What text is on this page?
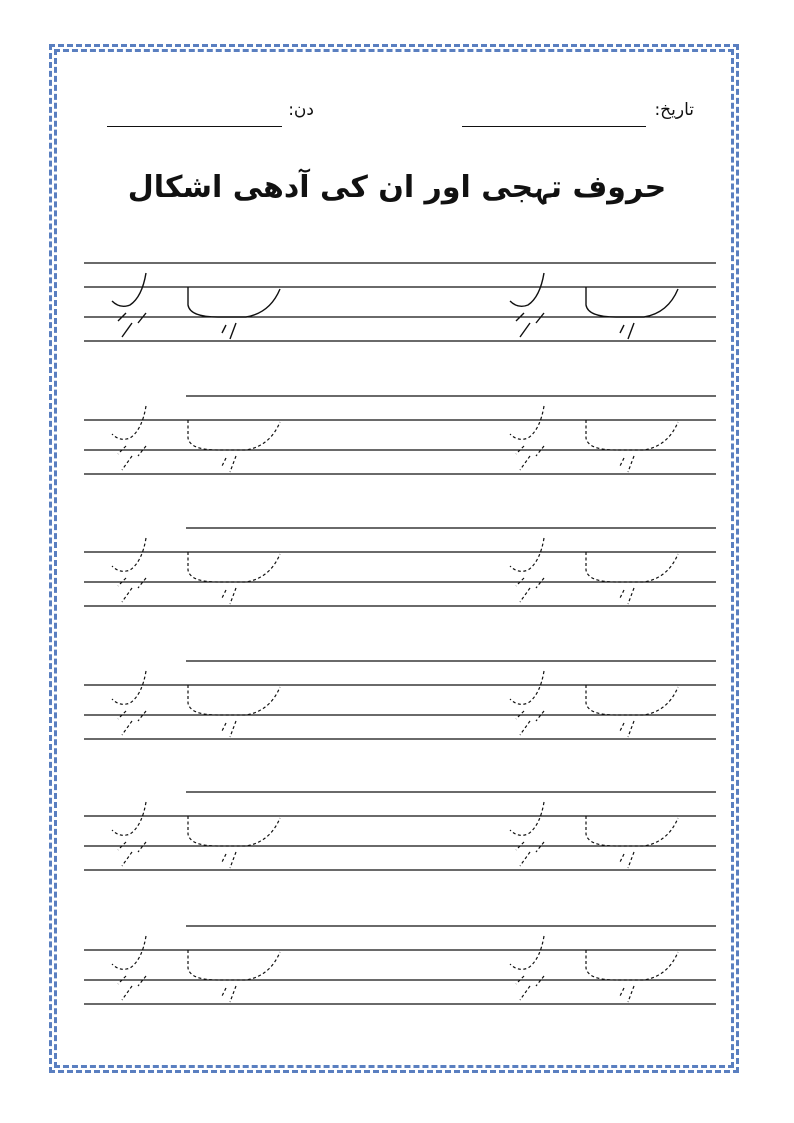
تاریخ:
دن:
حروف تہجی اور ان کی آدھی اشکال
